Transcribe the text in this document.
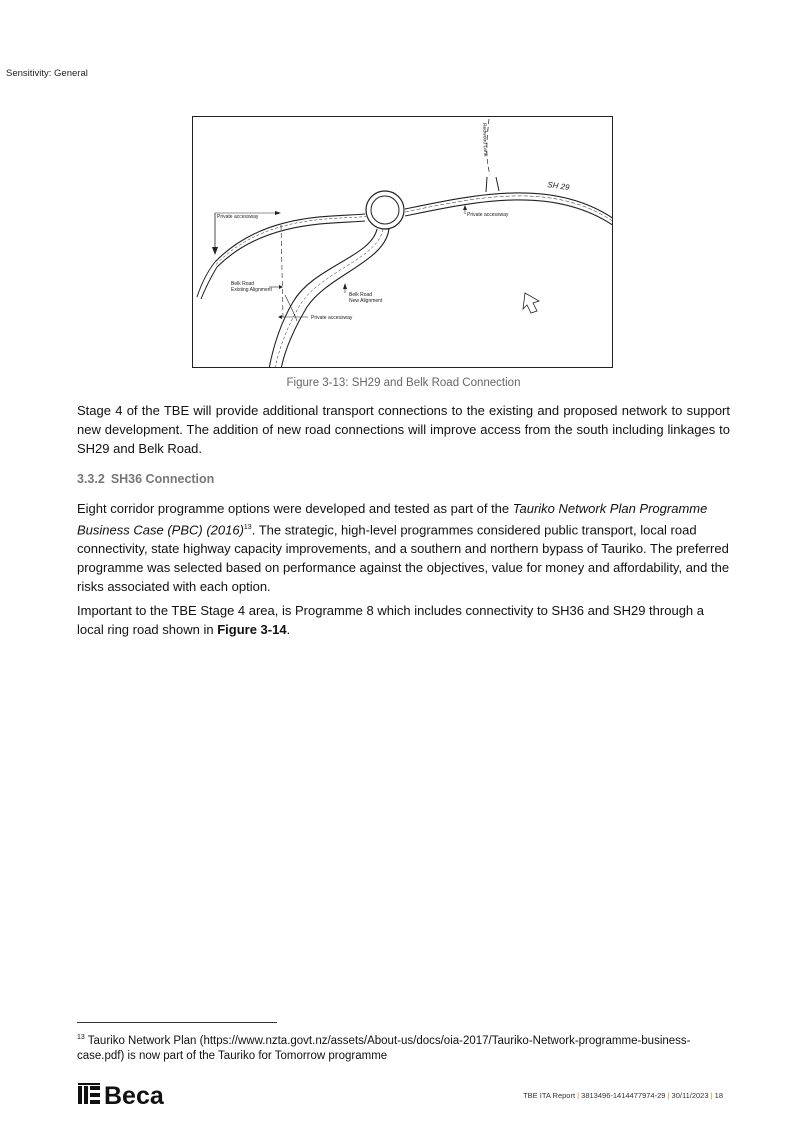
Sensitivity: General
SH 29
Private accessway	Private accessway
Private accessway
Belk Road
Existing Alignment
Belk Road
New Alignment
Redwood Lane
Figure 3-13: SH29 and Belk Road Connection

Stage 4 of the TBE will provide additional transport connections to the existing and proposed network to support new development. The addition of new road connections will improve access from the south including linkages to SH29 and Belk Road.

3.3.2 SH36 Connection

Eight corridor programme options were developed and tested as part of the Tauriko Network Plan Programme Business Case (PBC) $(2016)^{13}$. The strategic, high-level programmes considered public transport, local road connectivity, state highway capacity improvements, and a southern and northern bypass of Tauriko. The preferred programme was selected based on performance against the objectives, value for money and affordability, and the risks associated with each option.

Important to the TBE Stage 4 area, is Programme 8 which includes connectivity to SH36 and SH29 through a local ring road shown in Figure 3-14.

$^{13}$ Tauriko Network Plan (https://www.nzta.govt.nz/assets/About-us/docs/oia-2017/Tauriko-Network-programme-business-case.pdf) is now part of the Tauriko for Tomorrow programme
Beca	TBE ITA Report | 3813496-1414477974-29 | 30/11/2023 | 18
